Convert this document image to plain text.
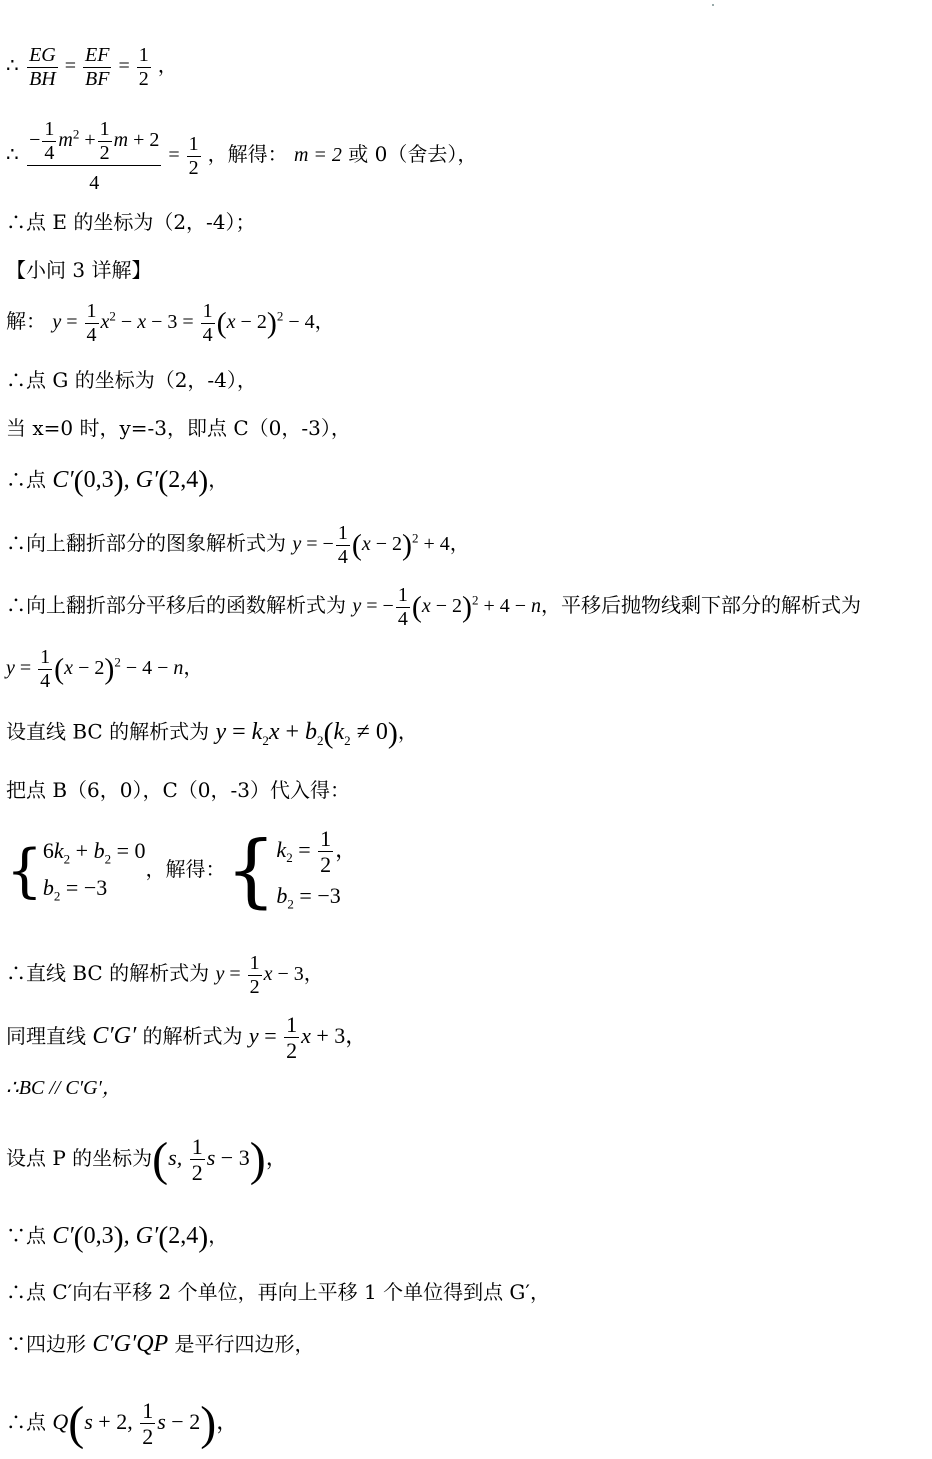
∴ $\frac{EG}{BH} = \frac{EF}{BF} = \frac{1}{2}$ ，
∴ $\frac{- \frac{1}{4} m^2 + \frac{1}{2} m + 2}{4} = \frac{1}{2}$ ，解得： m = 2 或 0（舍去），
∴点 E 的坐标为（2，-4）；
【小问 3 详解】
解： $y = \frac{1}{4} x^2 - x - 3 = \frac{1}{4} (x - 2)^2 - 4$，
∴点 G 的坐标为（2，-4），
当 x=0 时，y=-3，即点 C（0，-3），
∴点 C′(0,3), G′(2,4)，
∴向上翻折部分的图象解析式为 y = − $\frac{1}{4} (x - 2)^2 + 4$，
∴向上翻折部分平移后的函数解析式为 y = − $\frac{1}{4} (x - 2)^2 + 4 - n$，平移后抛物线剩下部分的解析式为
$y = \frac{1}{4} (x - 2)^2 - 4 - n$，
设直线 BC 的解析式为 $y = k_2x + b_2(k_2 \ne 0)$，
把点 B（6，0），C（0，-3）代入得：
{ $6k_2 + b_2 = 0$
$b_2 = -3$
，解得：{ $k_2 = \frac{1}{2}$ ，
$b_2 = -3$
∴直线 BC 的解析式为 $y = \frac{1}{2}$ x − 3，
同理直线 C′G′ 的解析式为 $y = \frac{1}{2}$ x + 3，
∴BC // C′G′，
设点 P 的坐标为(s, $\frac{1}{2}$ s − 3)，
∵点 C′(0,3), G′(2,4)，
∴点 C′向右平移 2 个单位，再向上平移 1 个单位得到点 G′，
∵四边形 C′G′QP 是平行四边形，
∴点 Q(s + 2, $\frac{1}{2}$ s − 2)，
